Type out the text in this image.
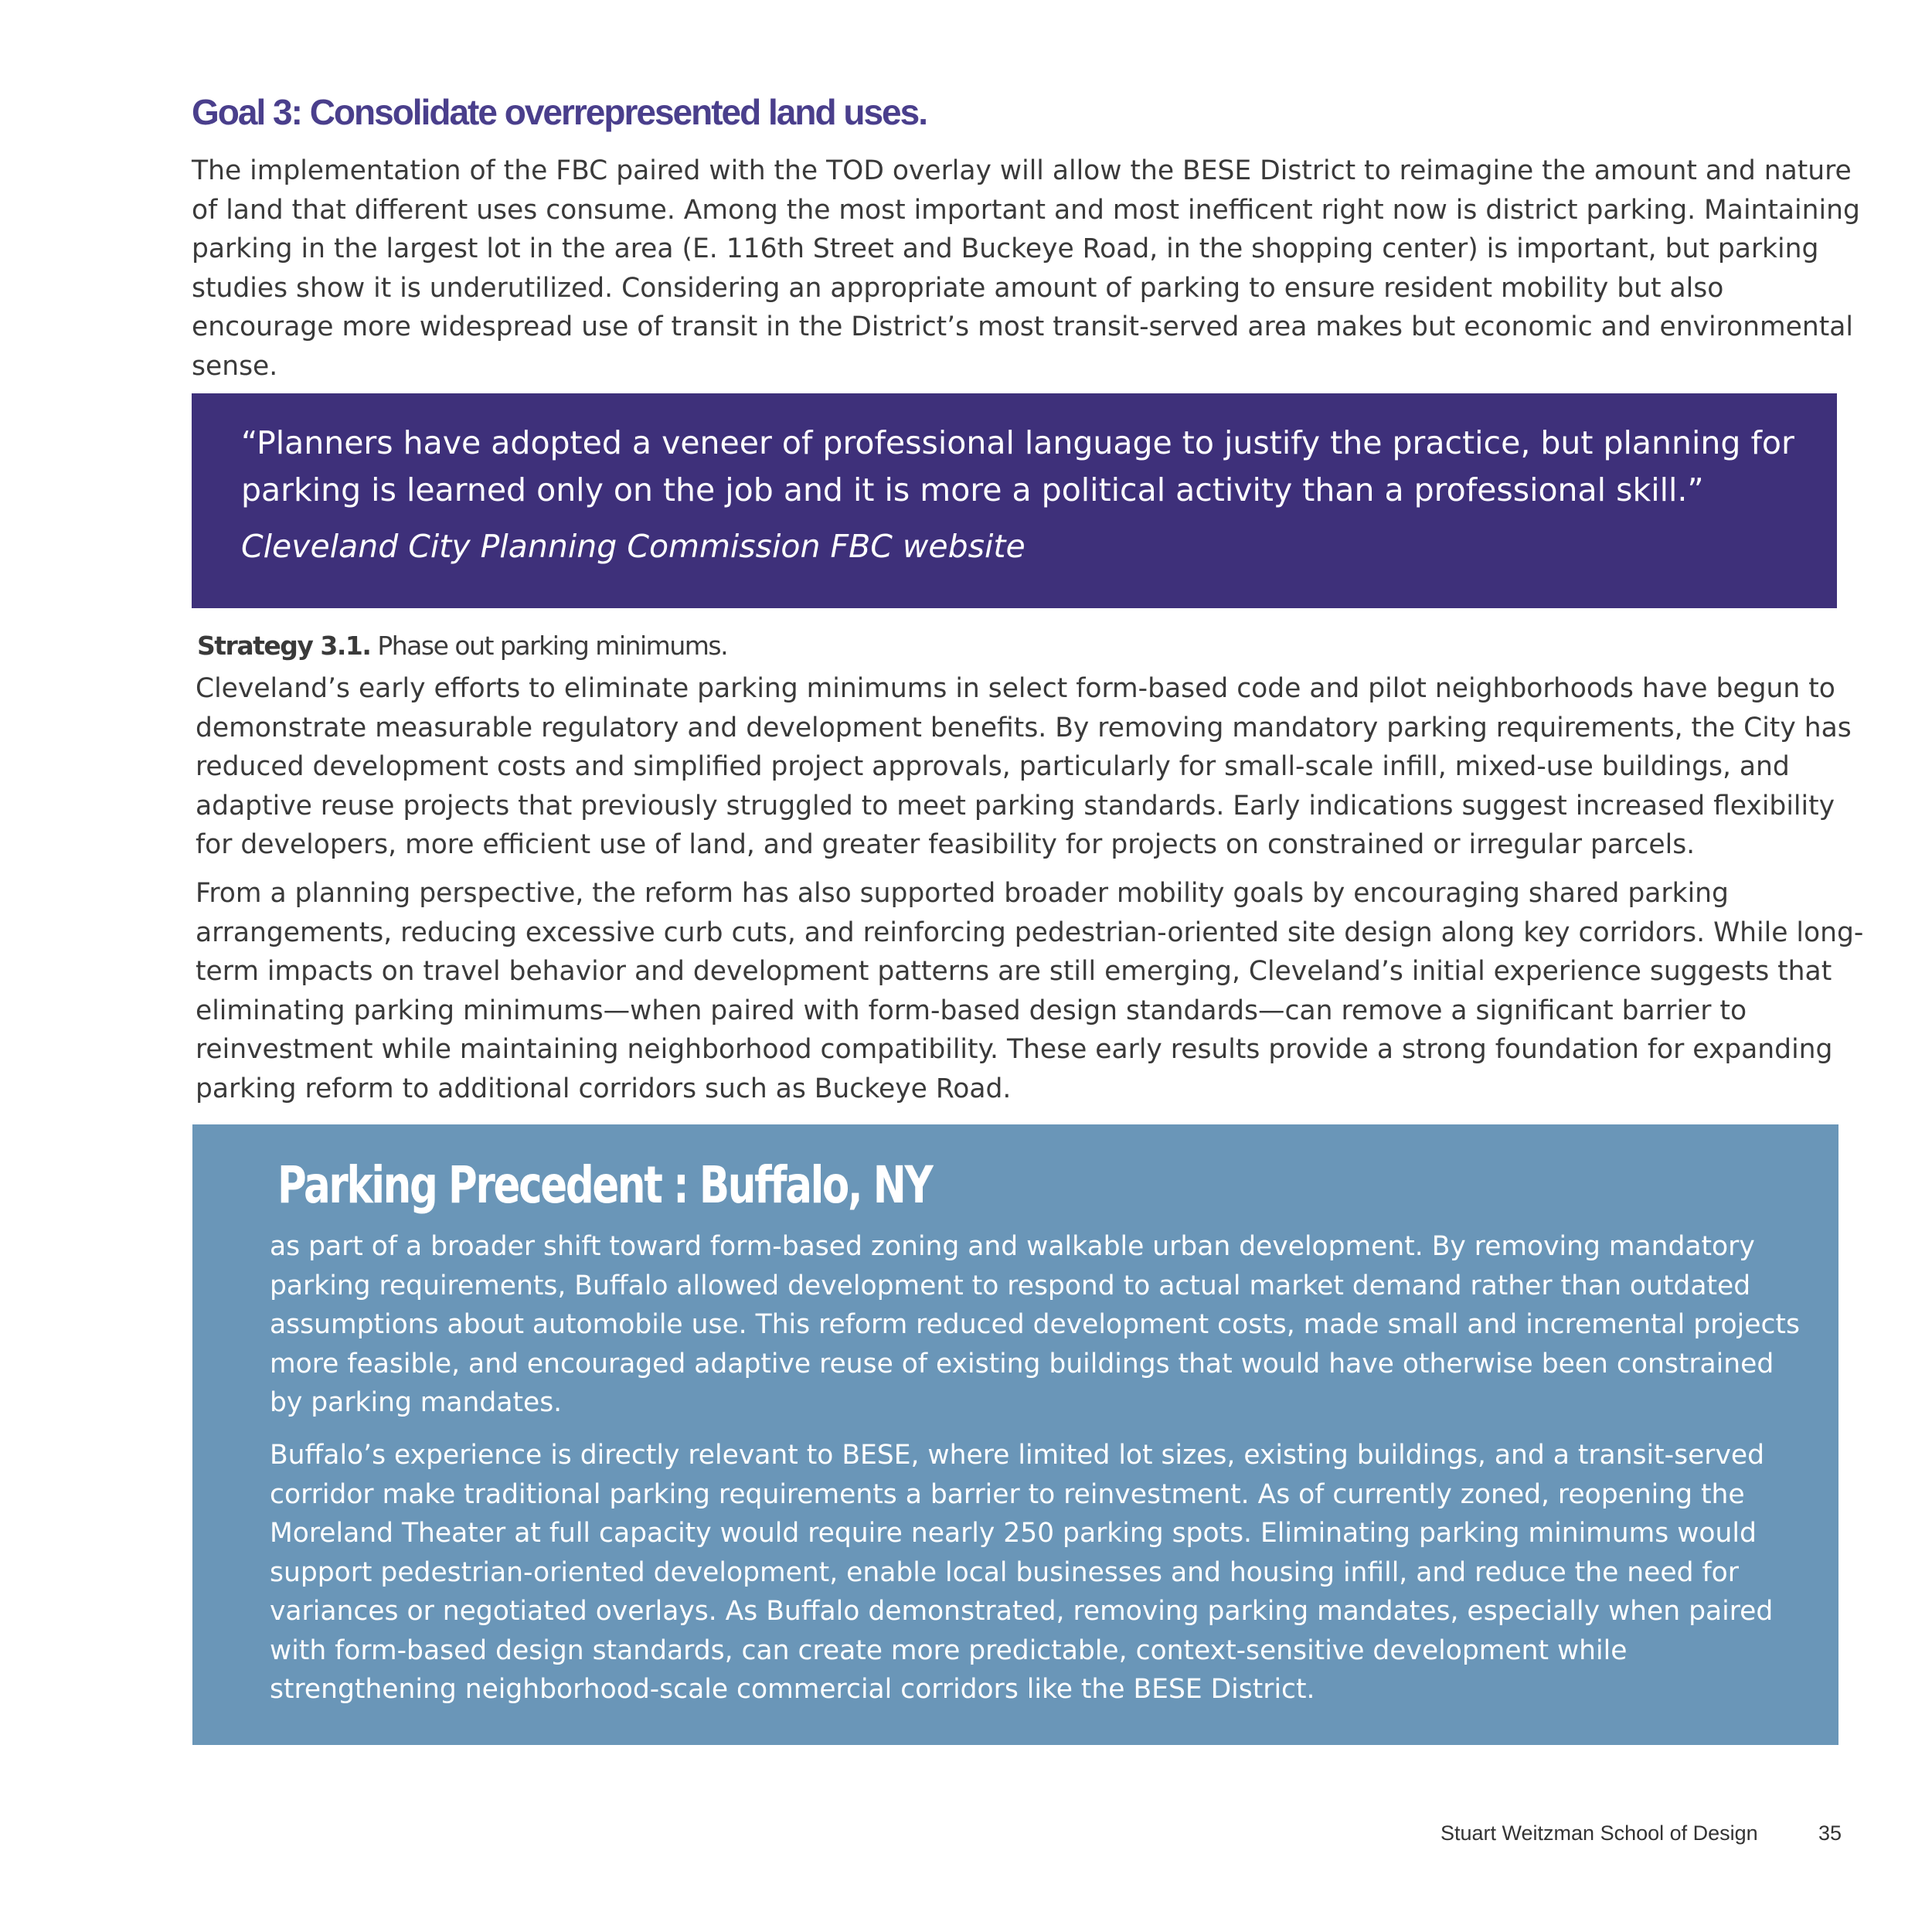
Goal 3: Consolidate overrepresented land uses.

The implementation of the FBC paired with the TOD overlay will allow the BESE District to reimagine the amount and nature of land that different uses consume. Among the most important and most inefficent right now is district parking. Maintaining parking in the largest lot in the area (E. 116th Street and Buckeye Road, in the shopping center) is important, but parking studies show it is underutilized. Considering an appropriate amount of parking to ensure resident mobility but also encourage more widespread use of transit in the District’s most transit-served area makes but economic and environmental sense.

“Planners have adopted a veneer of professional language to justify the practice, but planning for parking is learned only on the job and it is more a political activity than a professional skill.”

Cleveland City Planning Commission FBC website

Strategy 3.1. Phase out parking minimums.

Cleveland’s early efforts to eliminate parking minimums in select form-based code and pilot neighborhoods have begun to demonstrate measurable regulatory and development benefits. By removing mandatory parking requirements, the City has reduced development costs and simplified project approvals, particularly for small-scale infill, mixed-use buildings, and adaptive reuse projects that previously struggled to meet parking standards. Early indications suggest increased flexibility for developers, more efficient use of land, and greater feasibility for projects on constrained or irregular parcels.

From a planning perspective, the reform has also supported broader mobility goals by encouraging shared parking arrangements, reducing excessive curb cuts, and reinforcing pedestrian-oriented site design along key corridors. While long-term impacts on travel behavior and development patterns are still emerging, Cleveland’s initial experience suggests that eliminating parking minimums—when paired with form-based design standards—can remove a significant barrier to reinvestment while maintaining neighborhood compatibility. These early results provide a strong foundation for expanding parking reform to additional corridors such as Buckeye Road.

Parking Precedent : Buffalo, NY

as part of a broader shift toward form-based zoning and walkable urban development. By removing mandatory parking requirements, Buffalo allowed development to respond to actual market demand rather than outdated assumptions about automobile use. This reform reduced development costs, made small and incremental projects more feasible, and encouraged adaptive reuse of existing buildings that would have otherwise been constrained by parking mandates.

Buffalo’s experience is directly relevant to BESE, where limited lot sizes, existing buildings, and a transit-served corridor make traditional parking requirements a barrier to reinvestment. As of currently zoned, reopening the Moreland Theater at full capacity would require nearly 250 parking spots. Eliminating parking minimums would support pedestrian-oriented development, enable local businesses and housing infill, and reduce the need for variances or negotiated overlays. As Buffalo demonstrated, removing parking mandates, especially when paired with form-based design standards, can create more predictable, context-sensitive development while strengthening neighborhood-scale commercial corridors like the BESE District.

Stuart Weitzman School of Design	35
